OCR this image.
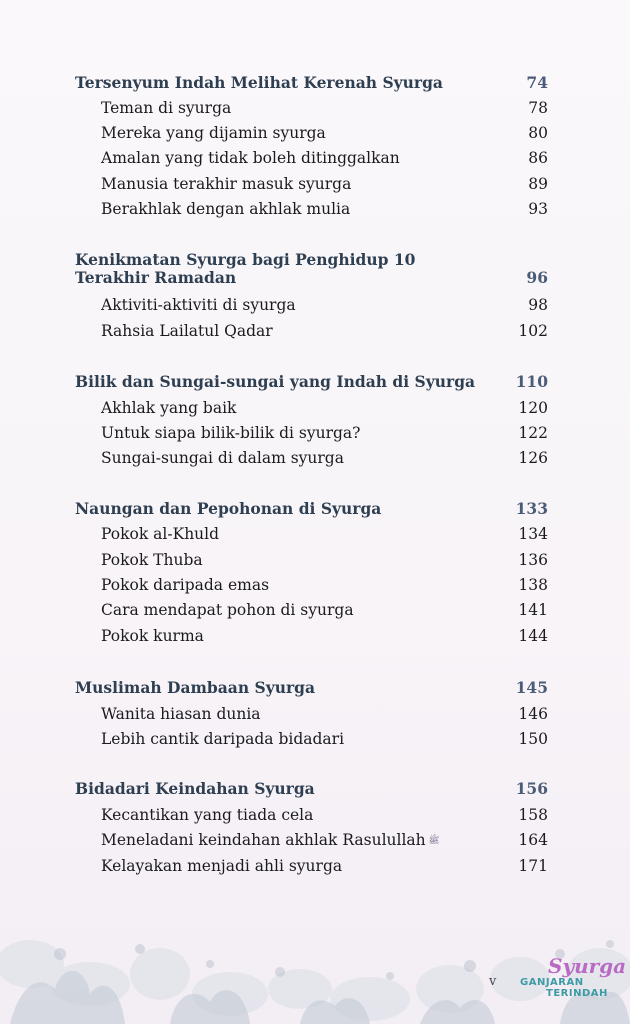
Tersenyum Indah Melihat Kerenah Syurga	74
Teman di syurga	78
Mereka yang dijamin syurga	80
Amalan yang tidak boleh ditinggalkan	86
Manusia terakhir masuk syurga	89
Berakhlak dengan akhlak mulia	93
Kenikmatan Syurga bagi Penghidup 10
Terakhir Ramadan	96
Aktiviti-aktiviti di syurga	98
Rahsia Lailatul Qadar	102
Bilik dan Sungai-sungai yang Indah di Syurga	110
Akhlak yang baik	120
Untuk siapa bilik-bilik di syurga?	122
Sungai-sungai di dalam syurga	126
Naungan dan Pepohonan di Syurga	133
Pokok al-Khuld	134
Pokok Thuba	136
Pokok daripada emas	138
Cara mendapat pohon di syurga	141
Pokok kurma	144
Muslimah Dambaan Syurga	145
Wanita hiasan dunia	146
Lebih cantik daripada bidadari	150
Bidadari Keindahan Syurga	156
Kecantikan yang tiada cela	158
Meneladani keindahan akhlak Rasulullah ﷺ	164
Kelayakan menjadi ahli syurga	171
v
Syurga
GANJARAN
TERINDAH
